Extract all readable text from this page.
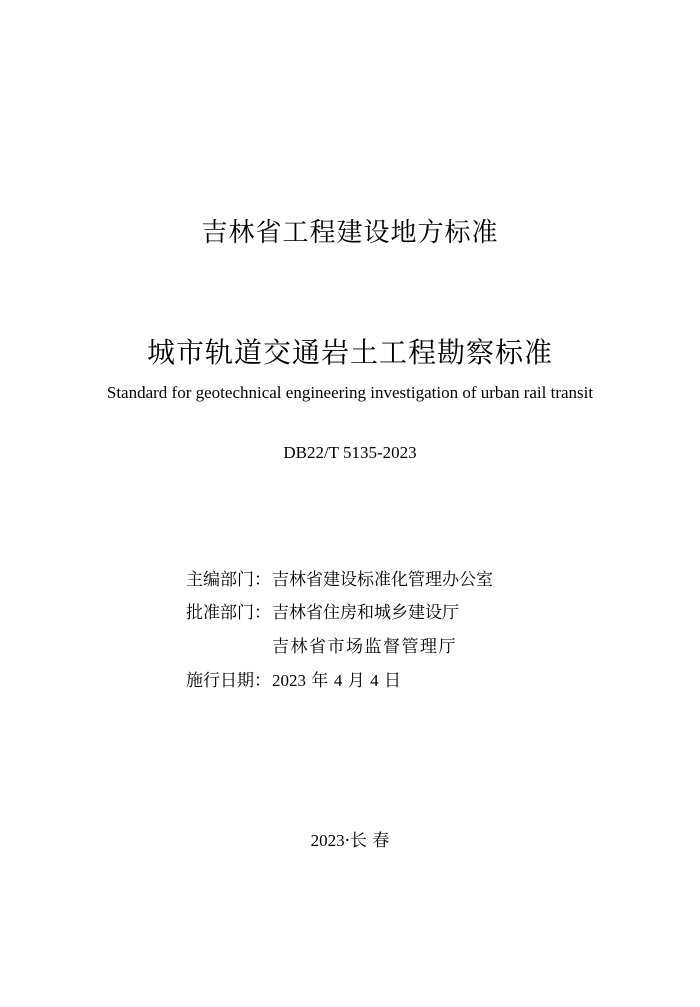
吉林省工程建设地方标准
城市轨道交通岩土工程勘察标准
Standard for geotechnical engineering investigation of urban rail transit
DB22/T 5135-2023
主编部门：吉林省建设标准化管理办公室
批准部门：吉林省住房和城乡建设厅
吉林省市场监督管理厅
施行日期：2023 年 4 月 4 日
2023·长 春
